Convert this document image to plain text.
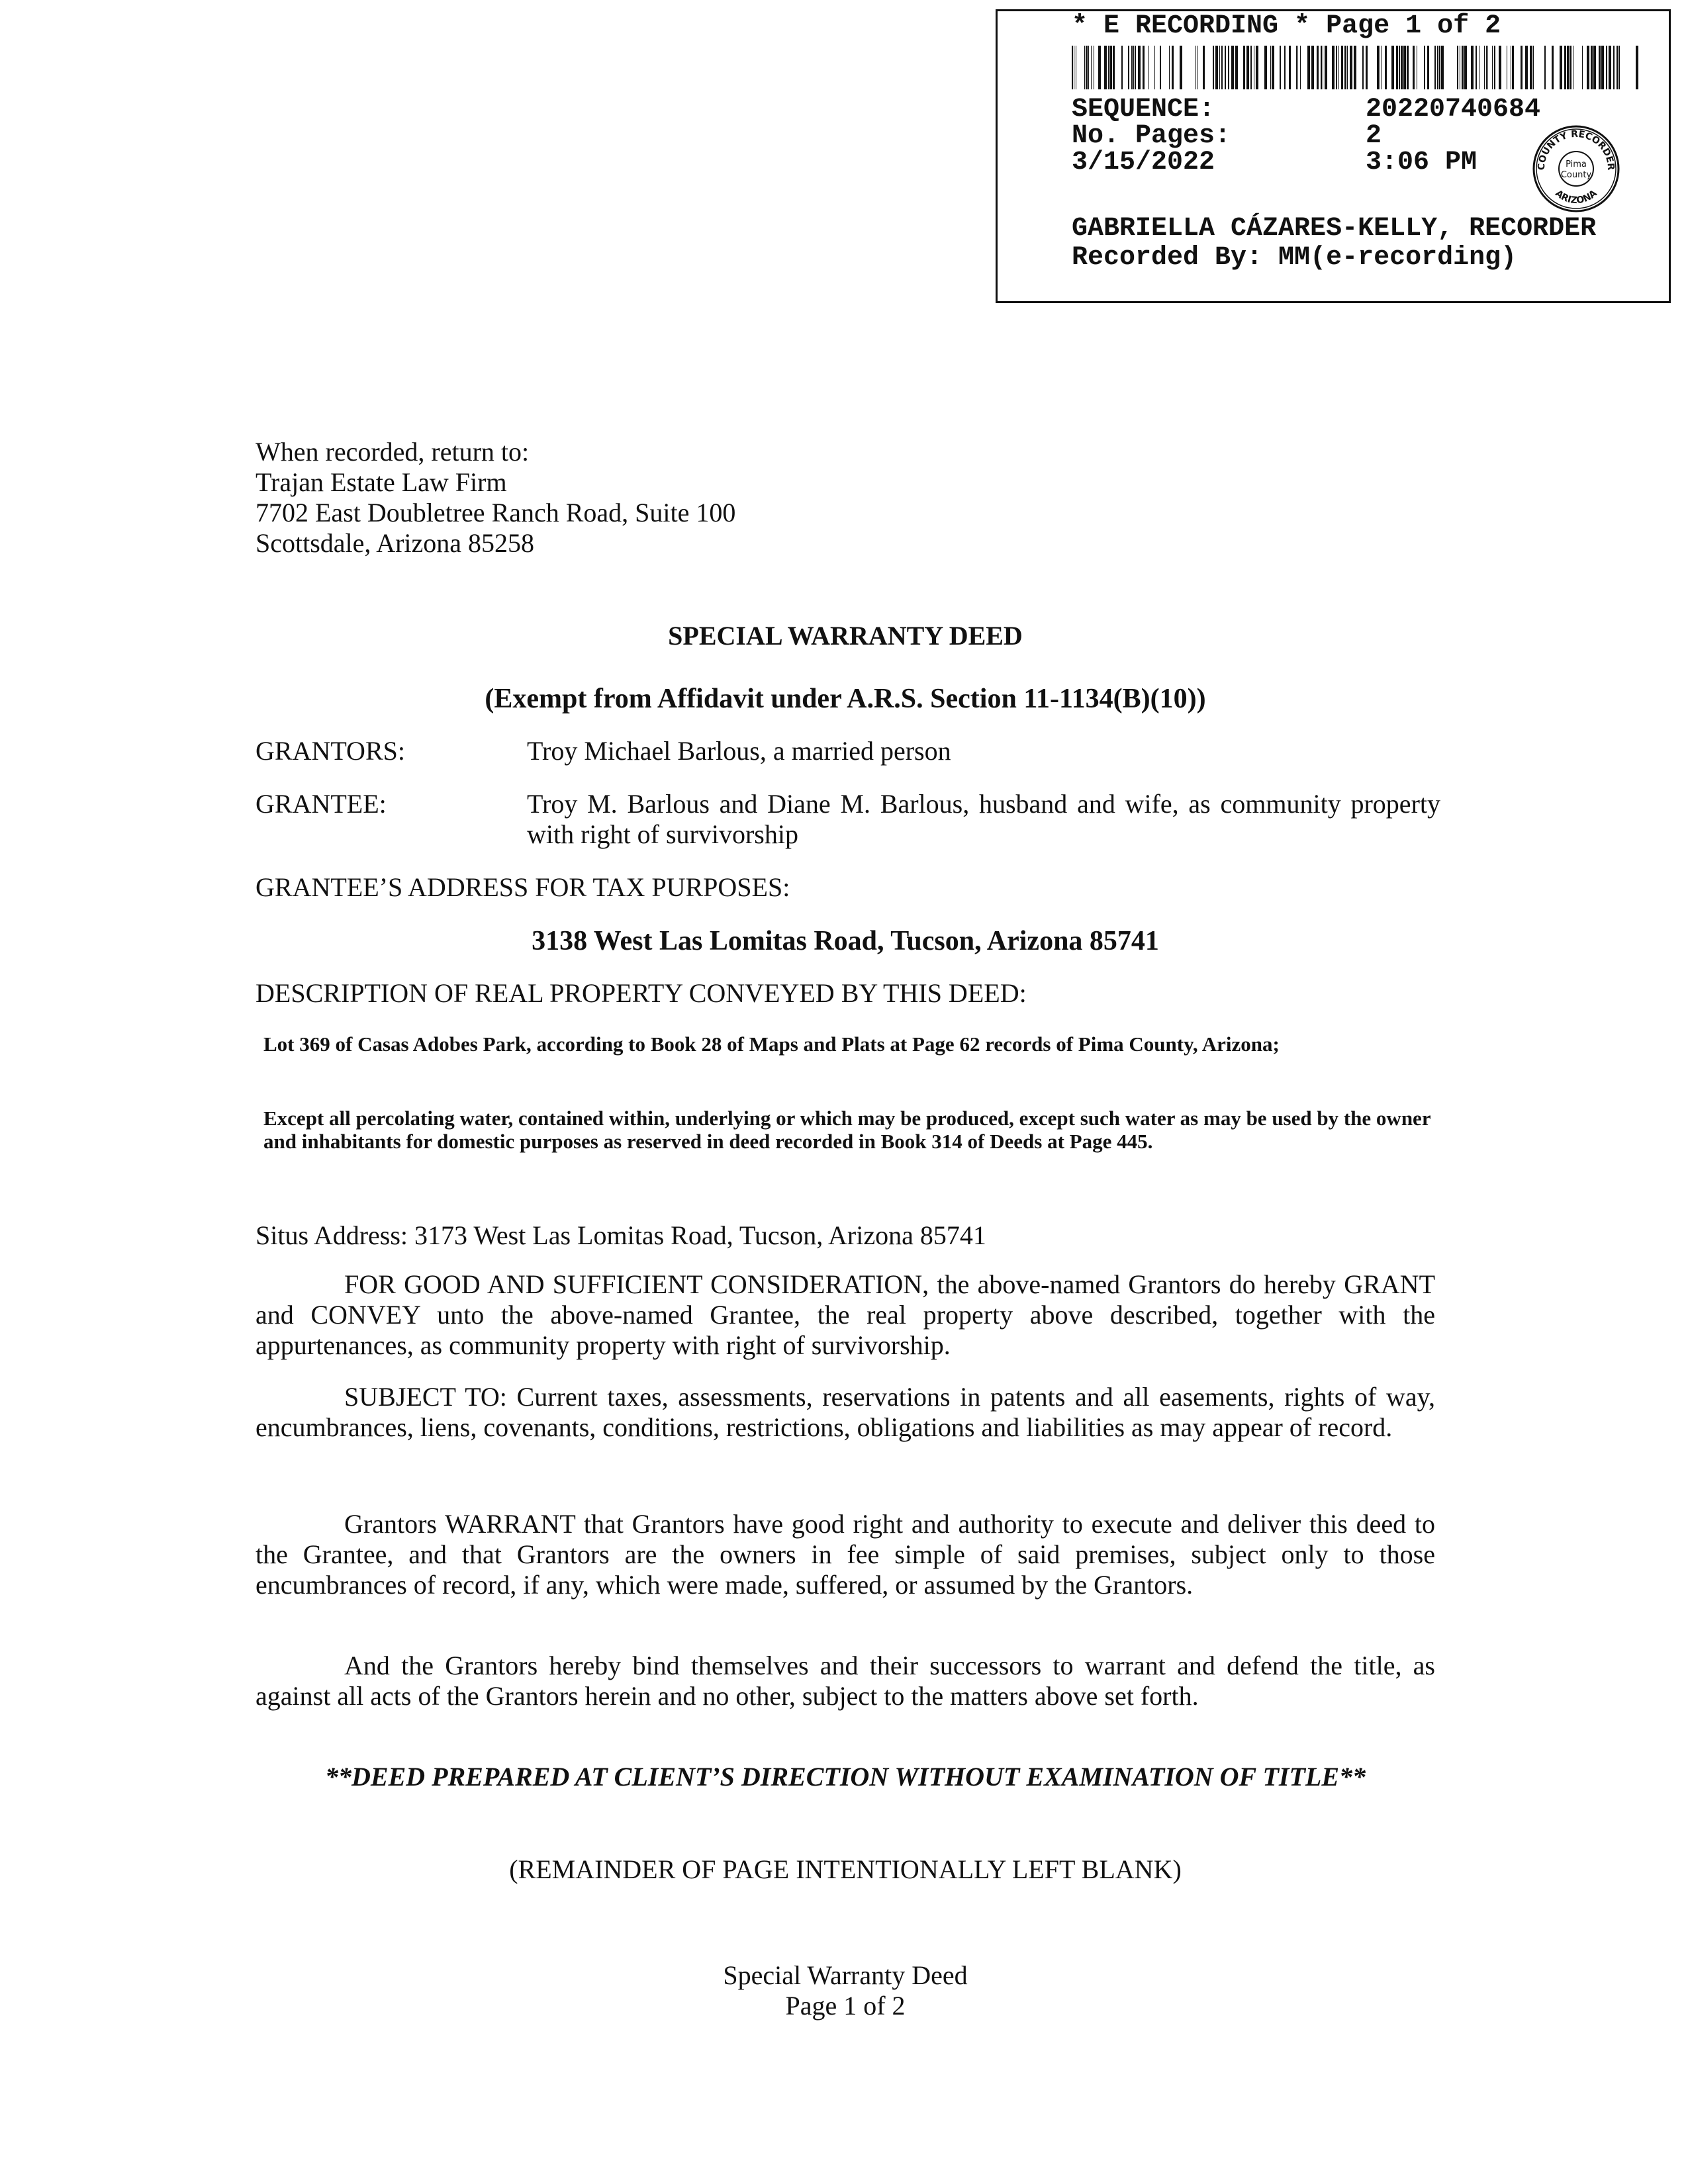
* E RECORDING * Page 1 of 2
SEQUENCE:	20220740684
No. Pages:	2
3/15/2022	3:06 PM	COUNTY RECORDER
ARIZONA
Pima
County
GABRIELLA CÁZARES-KELLY, RECORDER
Recorded By: MM(e-recording)
When recorded, return to:
Trajan Estate Law Firm
7702 East Doubletree Ranch Road, Suite 100
Scottsdale, Arizona 85258
SPECIAL WARRANTY DEED
(Exempt from Affidavit under A.R.S. Section 11-1134(B)(10))
GRANTORS:	Troy Michael Barlous, a married person
GRANTEE:	Troy M. Barlous and Diane M. Barlous, husband and wife, as community property with right of survivorship
GRANTEE’S ADDRESS FOR TAX PURPOSES:
3138 West Las Lomitas Road, Tucson, Arizona 85741
DESCRIPTION OF REAL PROPERTY CONVEYED BY THIS DEED:
Lot 369 of Casas Adobes Park, according to Book 28 of Maps and Plats at Page 62 records of Pima County, Arizona;
Except all percolating water, contained within, underlying or which may be produced, except such water as may be used by the owner and inhabitants for domestic purposes as reserved in deed recorded in Book 314 of Deeds at Page 445.
Situs Address: 3173 West Las Lomitas Road, Tucson, Arizona 85741
FOR GOOD AND SUFFICIENT CONSIDERATION, the above-named Grantors do hereby GRANT and CONVEY unto the above-named Grantee, the real property above described, together with the appurtenances, as community property with right of survivorship.
SUBJECT TO: Current taxes, assessments, reservations in patents and all easements, rights of way, encumbrances, liens, covenants, conditions, restrictions, obligations and liabilities as may appear of record.
Grantors WARRANT that Grantors have good right and authority to execute and deliver this deed to the Grantee, and that Grantors are the owners in fee simple of said premises, subject only to those encumbrances of record, if any, which were made, suffered, or assumed by the Grantors.
And the Grantors hereby bind themselves and their successors to warrant and defend the title, as against all acts of the Grantors herein and no other, subject to the matters above set forth.
**DEED PREPARED AT CLIENT’S DIRECTION WITHOUT EXAMINATION OF TITLE**
(REMAINDER OF PAGE INTENTIONALLY LEFT BLANK)
Special Warranty Deed
Page 1 of 2
